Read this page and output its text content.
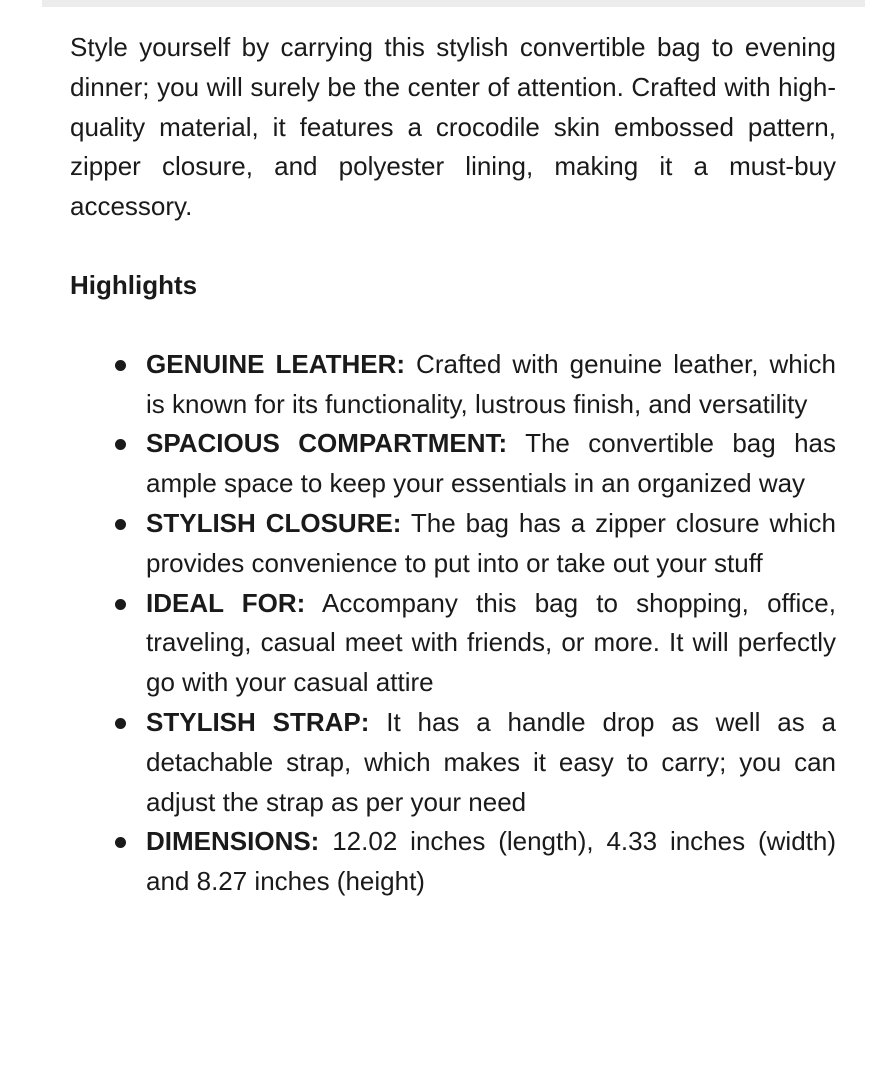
Style yourself by carrying this stylish convertible bag to evening dinner; you will surely be the center of attention. Crafted with high-quality material, it features a crocodile skin embossed pattern, zipper closure, and polyester lining, making it a must-buy accessory.

Highlights
GENUINE LEATHER: Crafted with genuine leather, which is known for its functionality, lustrous finish, and versatility
SPACIOUS COMPARTMENT: The convertible bag has ample space to keep your essentials in an organized way
STYLISH CLOSURE: The bag has a zipper closure which provides convenience to put into or take out your stuff
IDEAL FOR: Accompany this bag to shopping, office, traveling, casual meet with friends, or more. It will perfectly go with your casual attire
STYLISH STRAP: It has a handle drop as well as a detachable strap, which makes it easy to carry; you can adjust the strap as per your need
DIMENSIONS: 12.02 inches (length), 4.33 inches (width) and 8.27 inches (height)
